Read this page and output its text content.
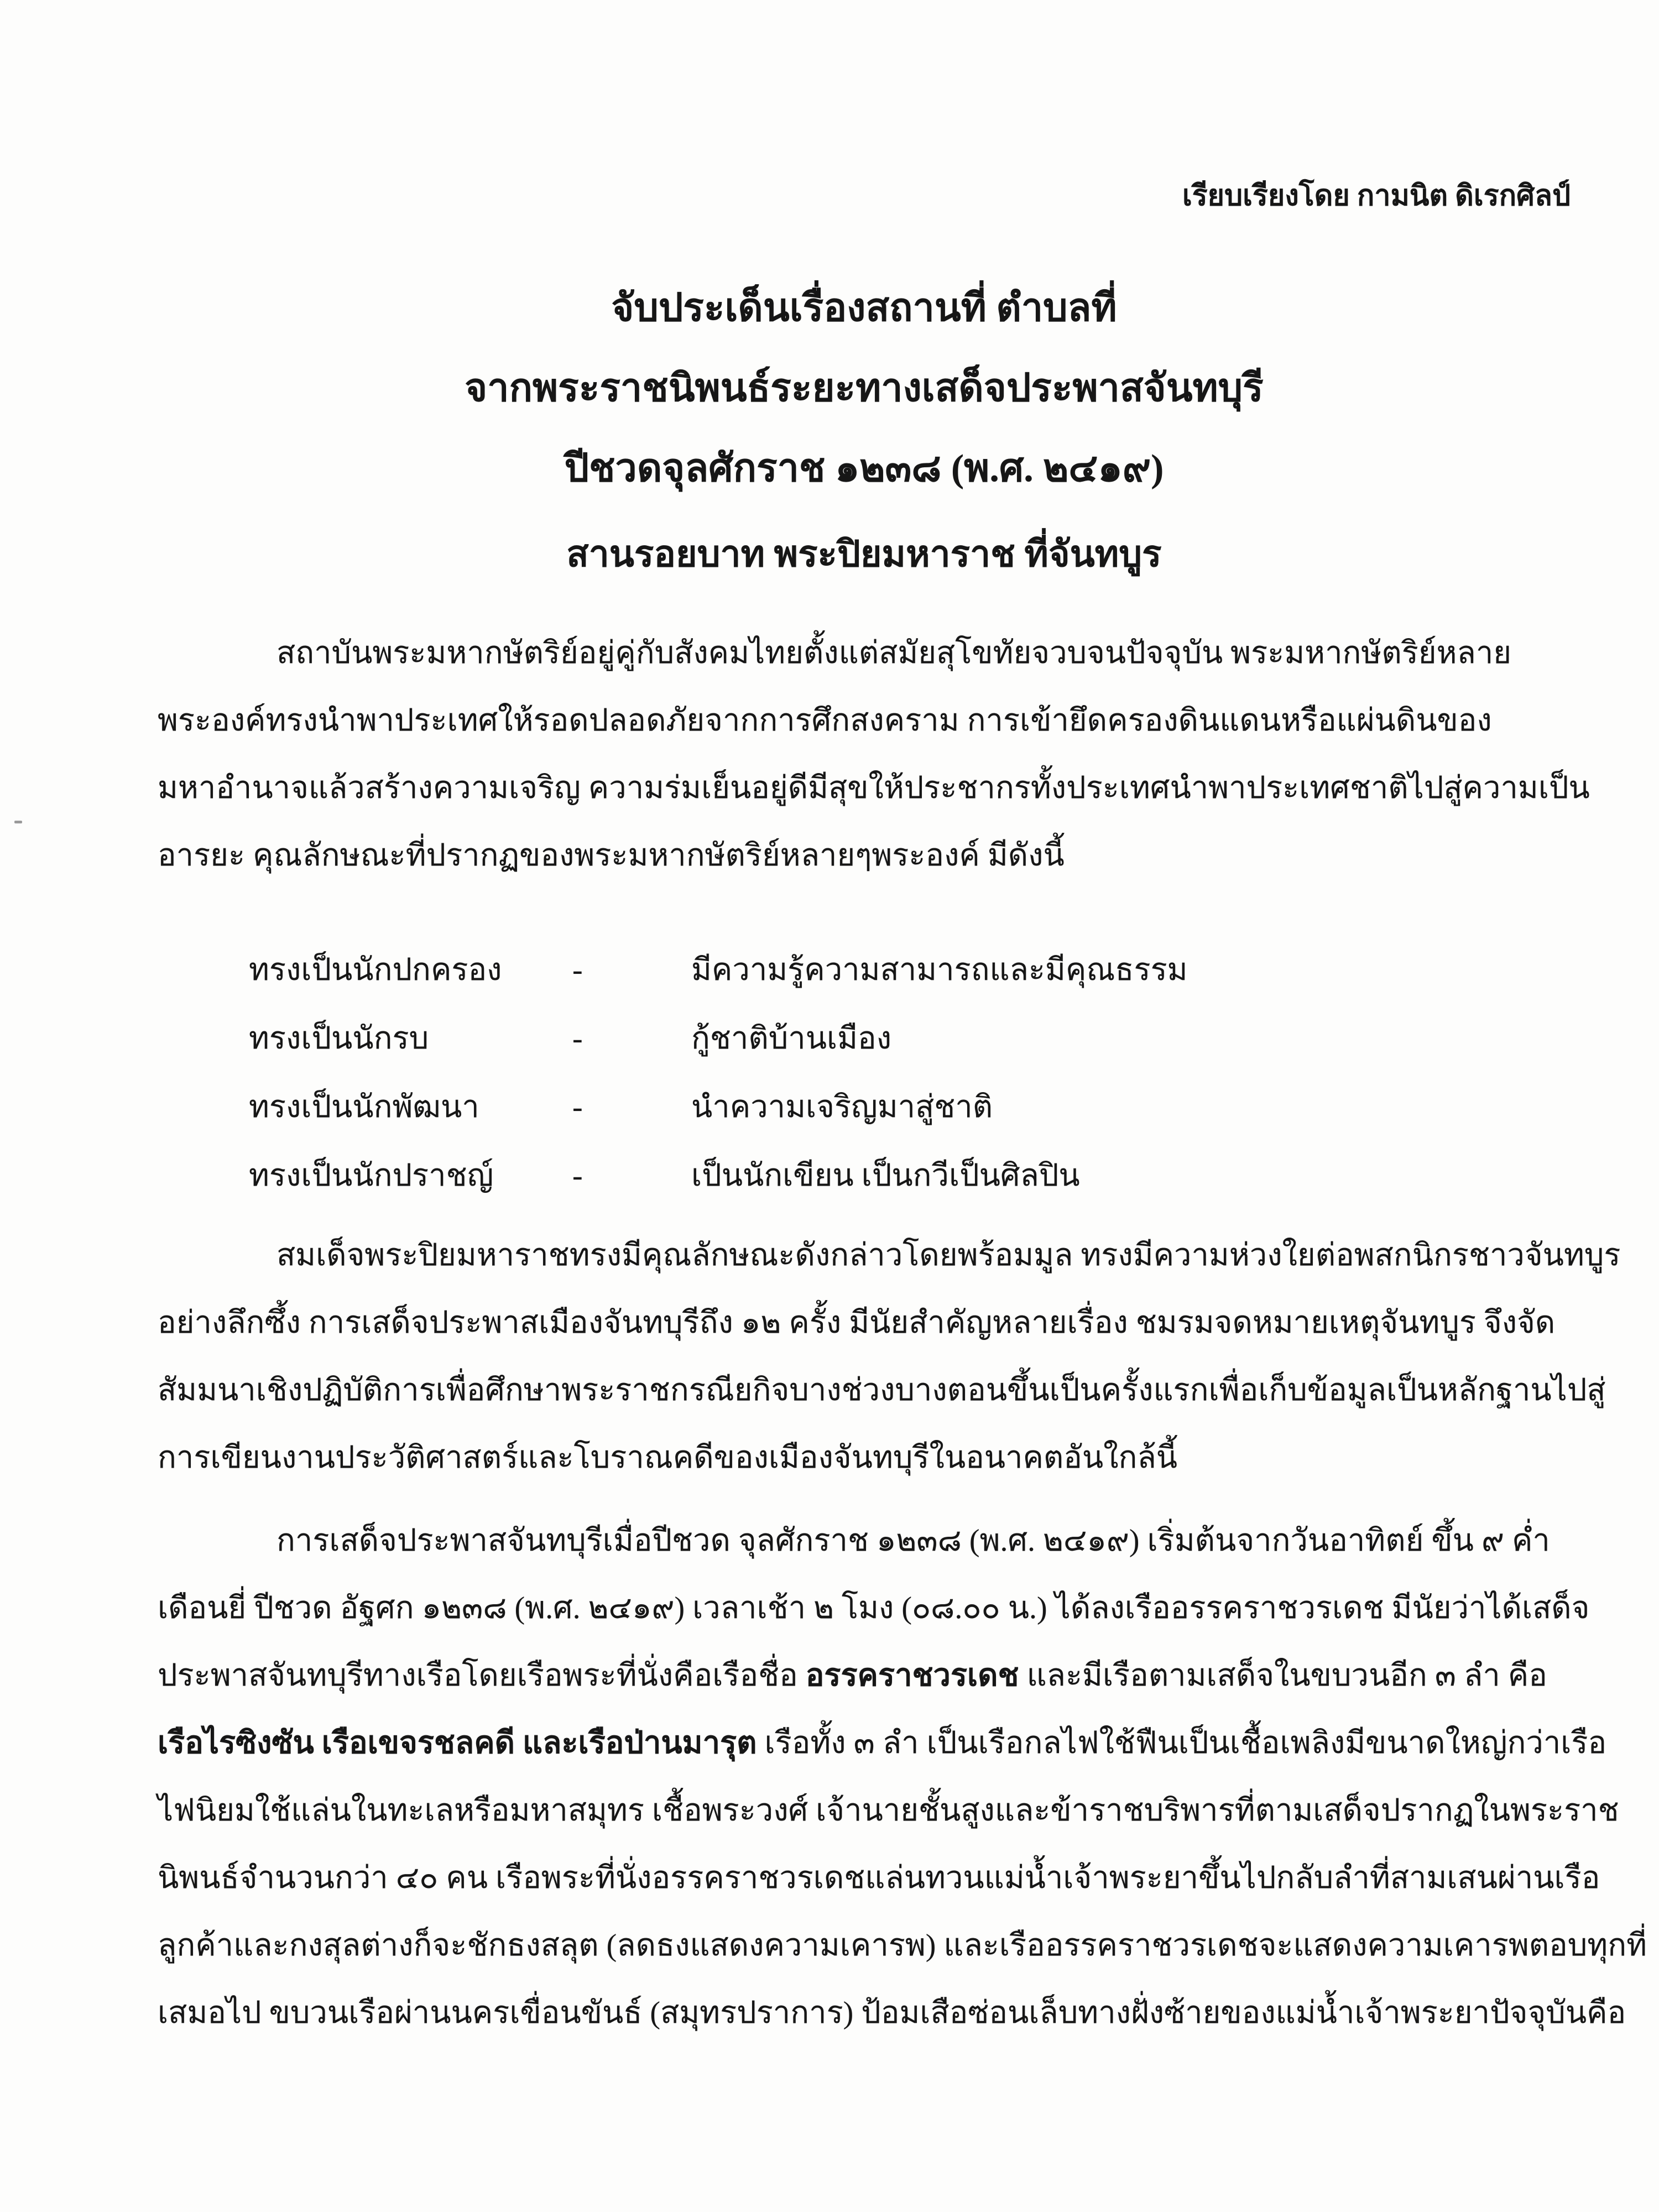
เรียบเรียงโดย กามนิต ดิเรกศิลป์
จับประเด็นเรื่องสถานที่ ตำบลที่
จากพระราชนิพนธ์ระยะทางเสด็จประพาสจันทบุรี
ปีชวดจุลศักราช ๑๒๓๘ (พ.ศ. ๒๔๑๙)
สานรอยบาท พระปิยมหาราช ที่จันทบูร
สถาบันพระมหากษัตริย์อยู่คู่กับสังคมไทยตั้งแต่สมัยสุโขทัยจวบจนปัจจุบัน พระมหากษัตริย์หลาย
พระองค์ทรงนำพาประเทศให้รอดปลอดภัยจากการศึกสงคราม การเข้ายึดครองดินแดนหรือแผ่นดินของ
มหาอำนาจแล้วสร้างความเจริญ ความร่มเย็นอยู่ดีมีสุขให้ประชากรทั้งประเทศนำพาประเทศชาติไปสู่ความเป็น
อารยะ คุณลักษณะที่ปรากฏของพระมหากษัตริย์หลายๆพระองค์ มีดังนี้
ทรงเป็นนักปกครอง	-	มีความรู้ความสามารถและมีคุณธรรม
ทรงเป็นนักรบ	-	กู้ชาติบ้านเมือง
ทรงเป็นนักพัฒนา	-	นำความเจริญมาสู่ชาติ
ทรงเป็นนักปราชญ์	-	เป็นนักเขียน เป็นกวีเป็นศิลปิน
สมเด็จพระปิยมหาราชทรงมีคุณลักษณะดังกล่าวโดยพร้อมมูล ทรงมีความห่วงใยต่อพสกนิกรชาวจันทบูร
อย่างลึกซึ้ง การเสด็จประพาสเมืองจันทบุรีถึง ๑๒ ครั้ง มีนัยสำคัญหลายเรื่อง ชมรมจดหมายเหตุจันทบูร จึงจัด
สัมมนาเชิงปฏิบัติการเพื่อศึกษาพระราชกรณียกิจบางช่วงบางตอนขึ้นเป็นครั้งแรกเพื่อเก็บข้อมูลเป็นหลักฐานไปสู่
การเขียนงานประวัติศาสตร์และโบราณคดีของเมืองจันทบุรีในอนาคตอันใกล้นี้
การเสด็จประพาสจันทบุรีเมื่อปีชวด จุลศักราช ๑๒๓๘ (พ.ศ. ๒๔๑๙) เริ่มต้นจากวันอาทิตย์ ขึ้น ๙ ค่ำ
เดือนยี่ ปีชวด อัฐศก ๑๒๓๘ (พ.ศ. ๒๔๑๙) เวลาเช้า ๒ โมง (๐๘.๐๐ น.) ได้ลงเรืออรรคราชวรเดช มีนัยว่าได้เสด็จ
ประพาสจันทบุรีทางเรือโดยเรือพระที่นั่งคือเรือชื่อ อรรคราชวรเดช และมีเรือตามเสด็จในขบวนอีก ๓ ลำ คือ
เรือไรซิงซัน เรือเขจรชลคดี และเรือป่านมารุต เรือทั้ง ๓ ลำ เป็นเรือกลไฟใช้ฟืนเป็นเชื้อเพลิงมีขนาดใหญ่กว่าเรือ
ไฟนิยมใช้แล่นในทะเลหรือมหาสมุทร เชื้อพระวงศ์ เจ้านายชั้นสูงและข้าราชบริพารที่ตามเสด็จปรากฏในพระราช
นิพนธ์จำนวนกว่า ๔๐ คน เรือพระที่นั่งอรรคราชวรเดชแล่นทวนแม่น้ำเจ้าพระยาขึ้นไปกลับลำที่สามเสนผ่านเรือ
ลูกค้าและกงสุลต่างก็จะชักธงสลุต (ลดธงแสดงความเคารพ) และเรืออรรคราชวรเดชจะแสดงความเคารพตอบทุกที่
เสมอไป ขบวนเรือผ่านนครเขื่อนขันธ์ (สมุทรปราการ) ป้อมเสือซ่อนเล็บทางฝั่งซ้ายของแม่น้ำเจ้าพระยาปัจจุบันคือ
